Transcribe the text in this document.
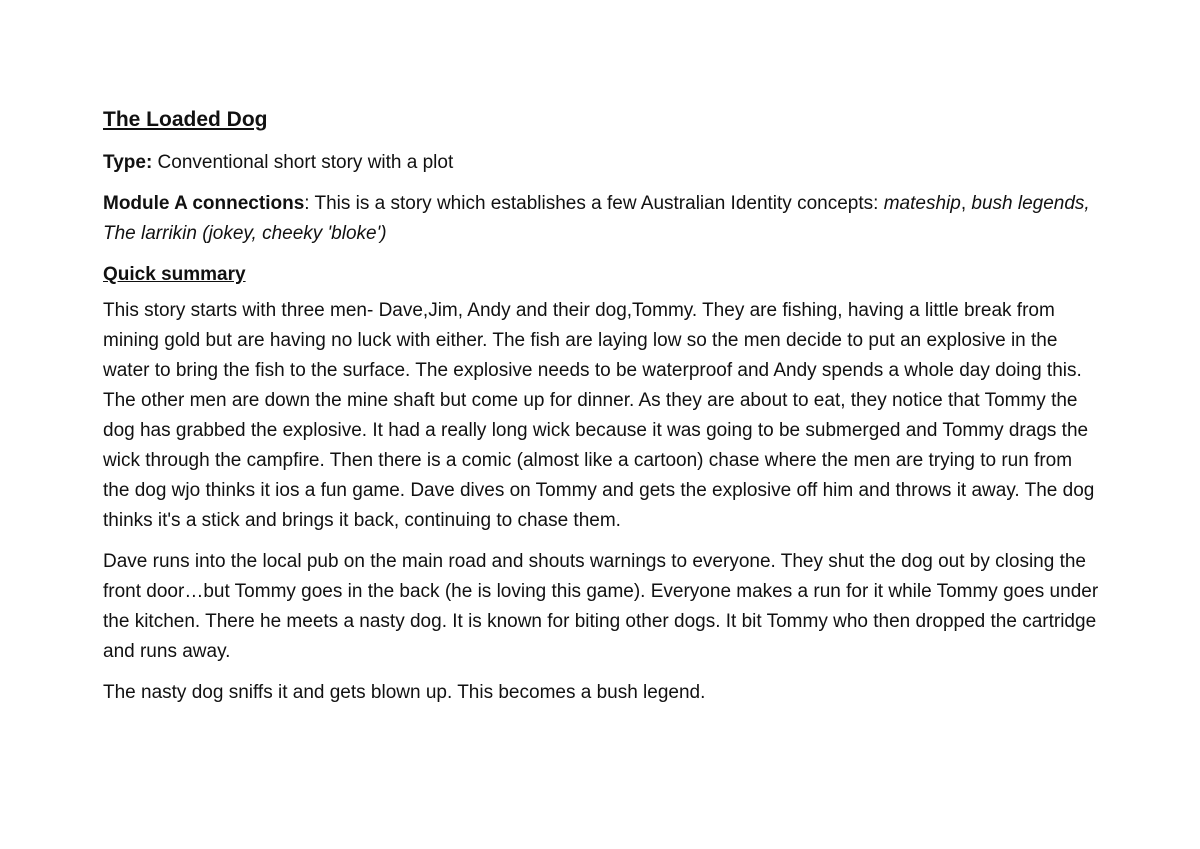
The Loaded Dog

Type: Conventional short story with a plot

Module A connections: This is a story which establishes a few Australian Identity concepts: mateship, bush legends, The larrikin (jokey, cheeky 'bloke')

Quick summary

This story starts with three men- Dave,Jim, Andy and their dog,Tommy. They are fishing, having a little break from mining gold but are having no luck with either. The fish are laying low so the men decide to put an explosive in the water to bring the fish to the surface. The explosive needs to be waterproof and Andy spends a whole day doing this. The other men are down the mine shaft but come up for dinner. As they are about to eat, they notice that Tommy the dog has grabbed the explosive. It had a really long wick because it was going to be submerged and Tommy drags the wick through the campfire. Then there is a comic (almost like a cartoon) chase where the men are trying to run from the dog wjo thinks it ios a fun game. Dave dives on Tommy and gets the explosive off him and throws it away. The dog thinks it's a stick and brings it back, continuing to chase them.

Dave runs into the local pub on the main road and shouts warnings to everyone. They shut the dog out by closing the front door…but Tommy goes in the back (he is loving this game). Everyone makes a run for it while Tommy goes under the kitchen. There he meets a nasty dog. It is known for biting other dogs. It bit Tommy who then dropped the cartridge and runs away.

The nasty dog sniffs it and gets blown up. This becomes a bush legend.
